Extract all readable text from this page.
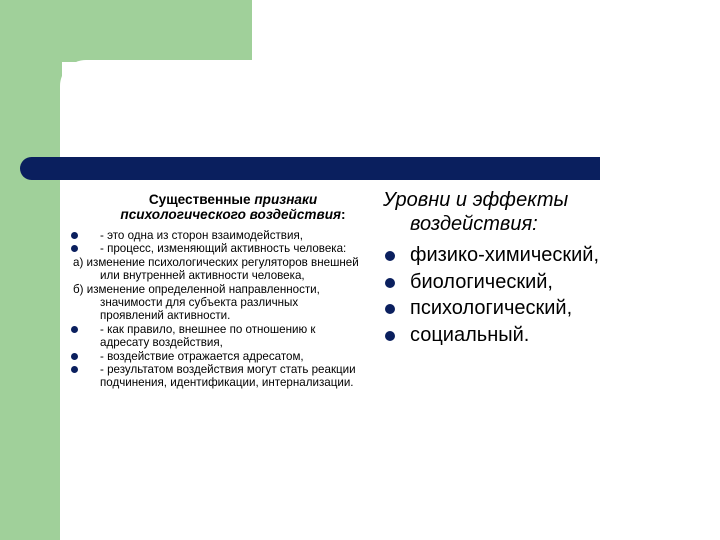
Существенные признаки психологического воздействия:
- это одна из сторон взаимодействия,
- процесс, изменяющий активность человека:
а) изменение психологических регуляторов внешней или внутренней активности человека,
б) изменение определенной направленности, значимости для субъекта различных проявлений активности.
- как правило, внешнее по отношению к адресату воздействия,
- воздействие отражается адресатом,
- результатом воздействия могут стать реакции подчинения, идентификации, интернализации.
Уровни и эффекты
воздействия:
физико-химический,
биологический,
психологический,
социальный.
